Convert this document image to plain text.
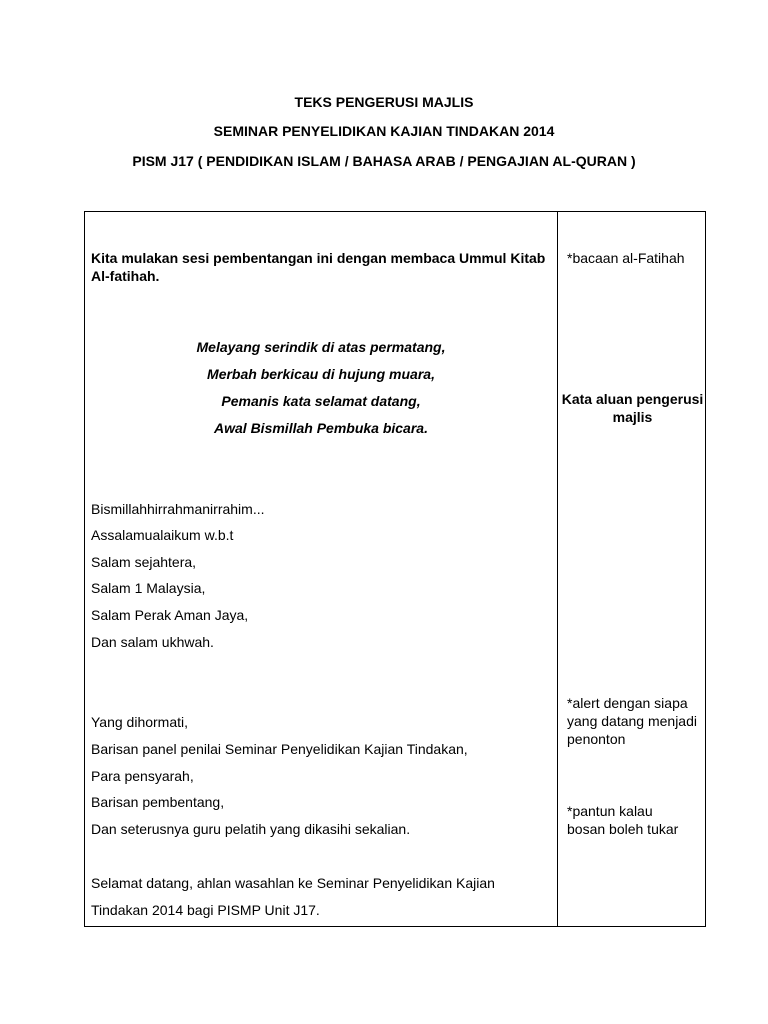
TEKS PENGERUSI MAJLIS
SEMINAR PENYELIDIKAN KAJIAN TINDAKAN 2014
PISM J17 ( PENDIDIKAN ISLAM / BAHASA ARAB / PENGAJIAN AL-QURAN )

Kita mulakan sesi pembentangan ini dengan membaca Ummul Kitab Al-fatihah.

Melayang serindik di atas permatang,

Merbah berkicau di hujung muara,

Pemanis kata selamat datang,

Awal Bismillah Pembuka bicara.

Bismillahhirrahmanirrahim...

Assalamualaikum w.b.t

Salam sejahtera,

Salam 1 Malaysia,

Salam Perak Aman Jaya,

Dan salam ukhwah.

Yang dihormati,

Barisan panel penilai Seminar Penyelidikan Kajian Tindakan,

Para pensyarah,

Barisan pembentang,

Dan seterusnya guru pelatih yang dikasihi sekalian.

Selamat datang, ahlan wasahlan ke Seminar Penyelidikan Kajian

Tindakan 2014 bagi PISMP Unit J17.

*bacaan al-Fatihah

Kata aluan pengerusi majlis

*alert dengan siapa yang datang menjadi penonton

*pantun kalau bosan boleh tukar
